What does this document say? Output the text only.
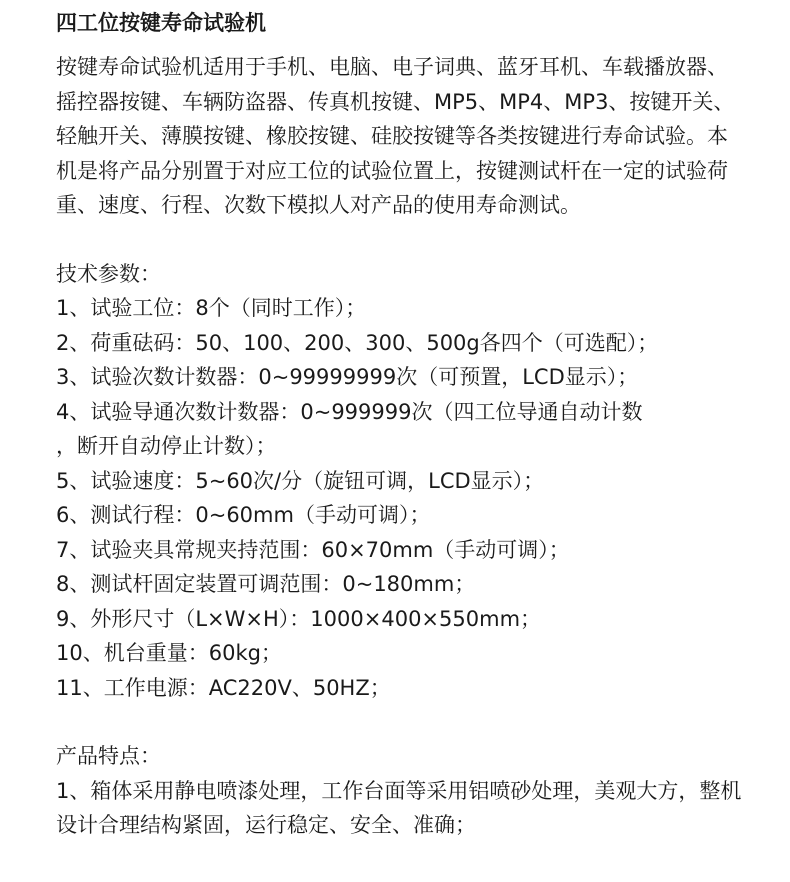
四工位按键寿命试验机

按键寿命试验机适用于手机、电脑、电子词典、蓝牙耳机、车载播放器、摇控器按键、车辆防盗器、传真机按键、MP5、MP4、MP3、按键开关、轻触开关、薄膜按键、橡胶按键、硅胶按键等各类按键进行寿命试验。本机是将产品分别置于对应工位的试验位置上，按键测试杆在一定的试验荷重、速度、行程、次数下模拟人对产品的使用寿命测试。

技术参数：
1、试验工位：8个（同时工作）；
2、荷重砝码：50、100、200、300、500g各四个（可选配）；
3、试验次数计数器：0~99999999次（可预置，LCD显示）；
4、试验导通次数计数器：0~999999次（四工位导通自动计数
，断开自动停止计数）；
5、试验速度：5~60次/分（旋钮可调，LCD显示）；
6、测试行程：0~60mm（手动可调）；
7、试验夹具常规夹持范围：60×70mm（手动可调）；
8、测试杆固定装置可调范围：0~180mm；
9、外形尺寸（L×W×H）：1000×400×550mm；
10、机台重量：60kg；
11、工作电源：AC220V、50HZ；
产品特点：
1、箱体采用静电喷漆处理，工作台面等采用铝喷砂处理，美观大方，整机设计合理结构紧固，运行稳定、安全、准确；
